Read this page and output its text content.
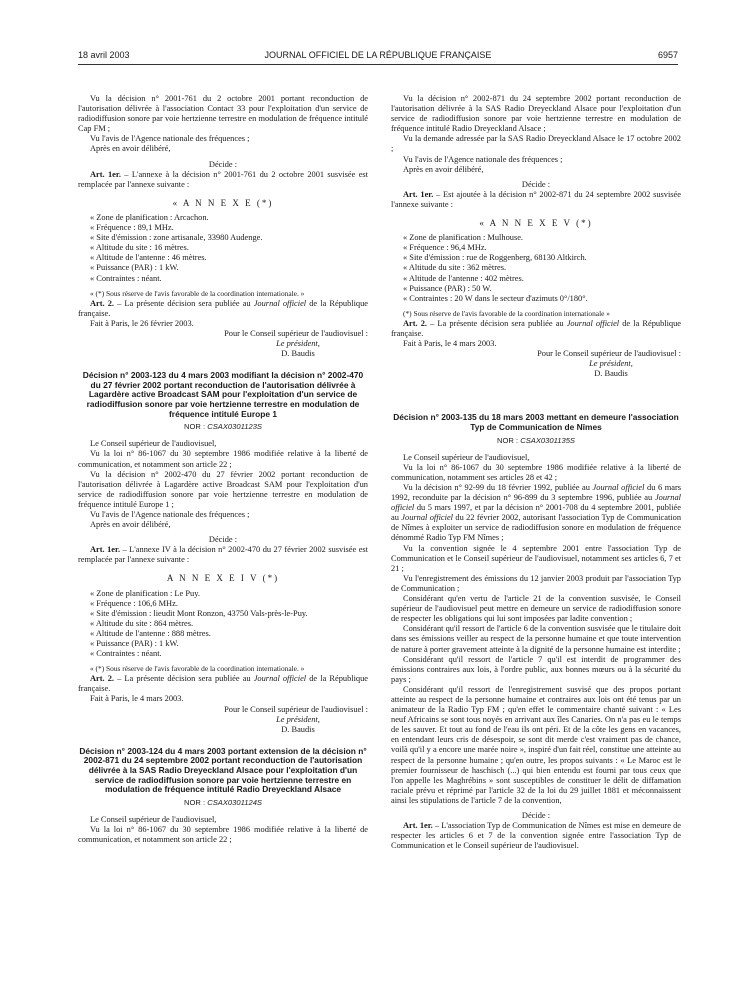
18 avril 2003	JOURNAL OFFICIEL DE LA RÉPUBLIQUE FRANÇAISE	6957

Vu la décision n° 2001-761 du 2 octobre 2001 portant reconduction de l'autorisation délivrée à l'association Contact 33 pour l'exploitation d'un service de radiodiffusion sonore par voie hertzienne terrestre en modulation de fréquence intitulé Cap FM ;

Vu l'avis de l'Agence nationale des fréquences ;

Après en avoir délibéré,

Décide :

Art. 1er. – L'annexe à la décision n° 2001-761 du 2 octobre 2001 susvisée est remplacée par l'annexe suivante :

« A N N E X E (*)

« Zone de planification : Arcachon.

« Fréquence : 89,1 MHz.

« Site d'émission : zone artisanale, 33980 Audenge.

« Altitude du site : 16 mètres.

« Altitude de l'antenne : 46 mètres.

« Puissance (PAR) : 1 kW.

« Contraintes : néant.

« (*) Sous réserve de l'avis favorable de la coordination internationale. »

Art. 2. – La présente décision sera publiée au Journal officiel de la République française.

Fait à Paris, le 26 février 2003.

Pour le Conseil supérieur de l'audiovisuel :

Le président,

D. Baudis

Décision n° 2003-123 du 4 mars 2003 modifiant la décision n° 2002-470 du 27 février 2002 portant reconduction de l'autorisation délivrée à Lagardère active Broadcast SAM pour l'exploitation d'un service de radiodiffusion sonore par voie hertzienne terrestre en modulation de fréquence intitulé Europe 1

NOR : CSAX0301123S

Le Conseil supérieur de l'audiovisuel,

Vu la loi n° 86-1067 du 30 septembre 1986 modifiée relative à la liberté de communication, et notamment son article 22 ;

Vu la décision n° 2002-470 du 27 février 2002 portant reconduction de l'autorisation délivrée à Lagardère active Broadcast SAM pour l'exploitation d'un service de radiodiffusion sonore par voie hertzienne terrestre en modulation de fréquence intitulé Europe 1 ;

Vu l'avis de l'Agence nationale des fréquences ;

Après en avoir délibéré,

Décide :

Art. 1er. – L'annexe IV à la décision n° 2002-470 du 27 février 2002 susvisée est remplacée par l'annexe suivante :

A N N E X E I V (*)

« Zone de planification : Le Puy.

« Fréquence : 106,6 MHz.

« Site d'émission : lieudit Mont Ronzon, 43750 Vals-près-le-Puy.

« Altitude du site : 864 mètres.

« Altitude de l'antenne : 888 mètres.

« Puissance (PAR) : 1 kW.

« Contraintes : néant.

« (*) Sous réserve de l'avis favorable de la coordination internationale. »

Art. 2. – La présente décision sera publiée au Journal officiel de la République française.

Fait à Paris, le 4 mars 2003.

Pour le Conseil supérieur de l'audiovisuel :

Le président,

D. Baudis

Décision n° 2003-124 du 4 mars 2003 portant extension de la décision n° 2002-871 du 24 septembre 2002 portant reconduction de l'autorisation délivrée à la SAS Radio Dreyeckland Alsace pour l'exploitation d'un service de radiodiffusion sonore par voie hertzienne terrestre en modulation de fréquence intitulé Radio Dreyeckland Alsace

NOR : CSAX0301124S

Le Conseil supérieur de l'audiovisuel,

Vu la loi n° 86-1067 du 30 septembre 1986 modifiée relative à la liberté de communication, et notamment son article 22 ;

Vu la décision n° 2002-871 du 24 septembre 2002 portant reconduction de l'autorisation délivrée à la SAS Radio Dreyeckland Alsace pour l'exploitation d'un service de radiodiffusion sonore par voie hertzienne terrestre en modulation de fréquence intitulé Radio Dreyeckland Alsace ;

Vu la demande adressée par la SAS Radio Dreyeckland Alsace le 17 octobre 2002 ;

Vu l'avis de l'Agence nationale des fréquences ;

Après en avoir délibéré,

Décide :

Art. 1er. – Est ajoutée à la décision n° 2002-871 du 24 septembre 2002 susvisée l'annexe suivante :

« A N N E X E V (*)

« Zone de planification : Mulhouse.

« Fréquence : 96,4 MHz.

« Site d'émission : rue de Roggenberg, 68130 Altkirch.

« Altitude du site : 362 mètres.

« Altitude de l'antenne : 402 mètres.

« Puissance (PAR) : 50 W.

« Contraintes : 20 W dans le secteur d'azimuts 0°/180°.

(*) Sous réserve de l'avis favorable de la coordination internationale »

Art. 2. – La présente décision sera publiée au Journal officiel de la République française.

Fait à Paris, le 4 mars 2003.

Pour le Conseil supérieur de l'audiovisuel :

Le président,

D. Baudis

Décision n° 2003-135 du 18 mars 2003 mettant en demeure l'association Typ de Communication de Nîmes

NOR : CSAX0301135S

Le Conseil supérieur de l'audiovisuel,

Vu la loi n° 86-1067 du 30 septembre 1986 modifiée relative à la liberté de communication, notamment ses articles 28 et 42 ;

Vu la décision n° 92-99 du 18 février 1992, publiée au Journal officiel du 6 mars 1992, reconduite par la décision n° 96-899 du 3 septembre 1996, publiée au Journal officiel du 5 mars 1997, et par la décision n° 2001-708 du 4 septembre 2001, publiée au Journal officiel du 22 février 2002, autorisant l'association Typ de Communication de Nîmes à exploiter un service de radiodiffusion sonore en modulation de fréquence dénommé Radio Typ FM Nîmes ;

Vu la convention signée le 4 septembre 2001 entre l'association Typ de Communication et le Conseil supérieur de l'audiovisuel, notamment ses articles 6, 7 et 21 ;

Vu l'enregistrement des émissions du 12 janvier 2003 produit par l'association Typ de Communication ;

Considérant qu'en vertu de l'article 21 de la convention susvisée, le Conseil supérieur de l'audiovisuel peut mettre en demeure un service de radiodiffusion sonore de respecter les obligations qui lui sont imposées par ladite convention ;

Considérant qu'il ressort de l'article 6 de la convention susvisée que le titulaire doit dans ses émissions veiller au respect de la personne humaine et que toute intervention de nature à porter gravement atteinte à la dignité de la personne humaine est interdite ;

Considérant qu'il ressort de l'article 7 qu'il est interdit de programmer des émissions contraires aux lois, à l'ordre public, aux bonnes mœurs ou à la sécurité du pays ;

Considérant qu'il ressort de l'enregistrement susvisé que des propos portant atteinte au respect de la personne humaine et contraires aux lois ont été tenus par un animateur de la Radio Typ FM ; qu'en effet le commentaire chanté suivant : « Les neuf Africains se sont tous noyés en arrivant aux îles Canaries. On n'a pas eu le temps de les sauver. Et tout au fond de l'eau ils ont péri. Et de la côte les gens en vacances, en entendant leurs cris de désespoir, se sont dit merde c'est vraiment pas de chance, voilà qu'il y a encore une marée noire », inspiré d'un fait réel, constitue une atteinte au respect de la personne humaine ; qu'en outre, les propos suivants : « Le Maroc est le premier fournisseur de haschisch (...) qui bien entendu est fourni par tous ceux que l'on appelle les Maghrébins » sont susceptibles de constituer le délit de diffamation raciale prévu et réprimé par l'article 32 de la loi du 29 juillet 1881 et méconnaissent ainsi les stipulations de l'article 7 de la convention,

Décide :

Art. 1er. – L'association Typ de Communication de Nîmes est mise en demeure de respecter les articles 6 et 7 de la convention signée entre l'association Typ de Communication et le Conseil supérieur de l'audiovisuel.
